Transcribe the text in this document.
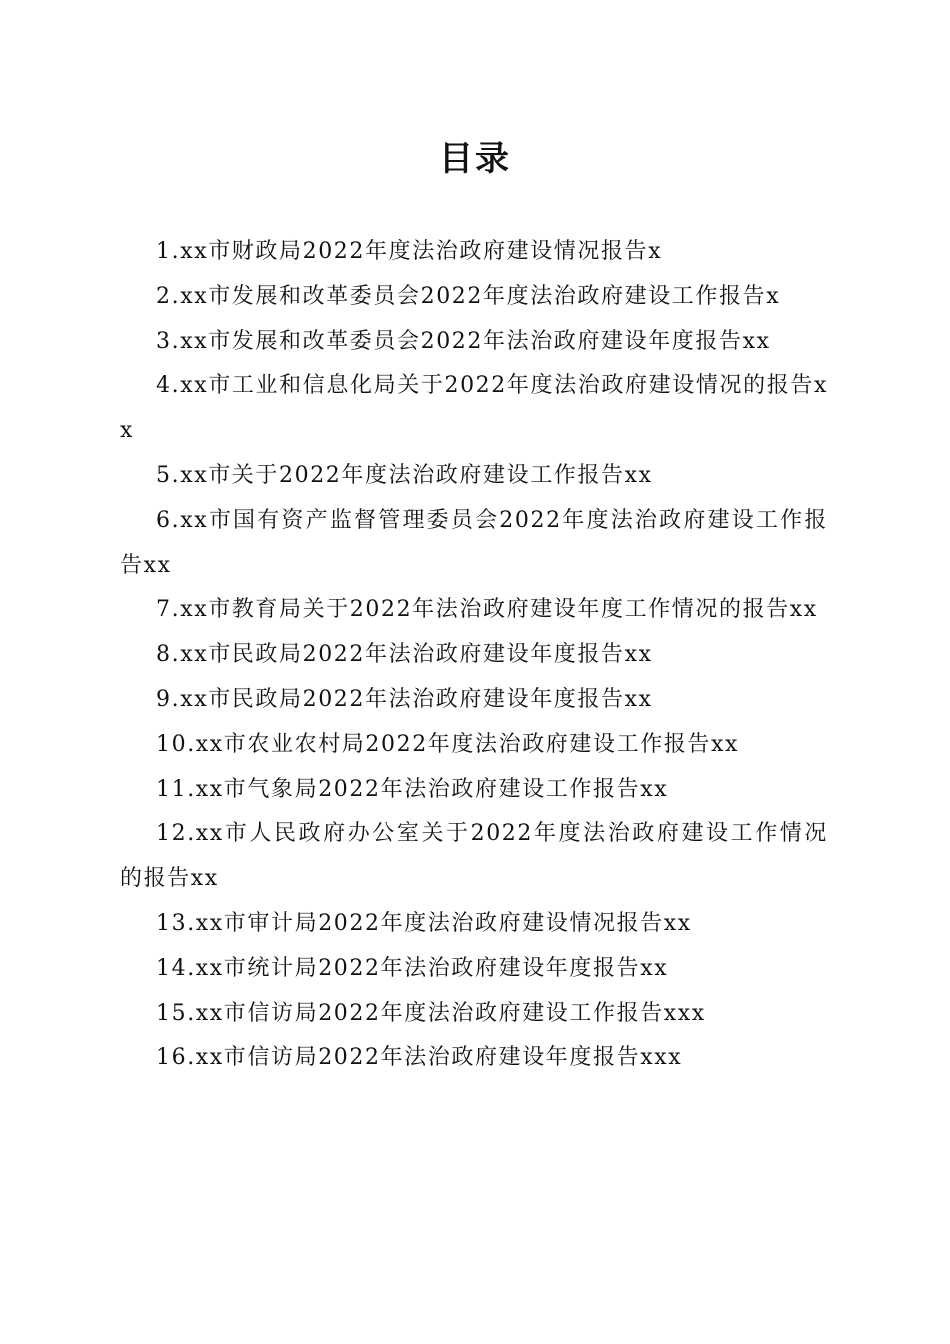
目录

1.xx市财政局2022年度法治政府建设情况报告x

2.xx市发展和改革委员会2022年度法治政府建设工作报告x

3.xx市发展和改革委员会2022年法治政府建设年度报告xx

4.xx市工业和信息化局关于2022年度法治政府建设情况的报告xx

5.xx市关于2022年度法治政府建设工作报告xx

6.xx市国有资产监督管理委员会2022年度法治政府建设工作报告xx

7.xx市教育局关于2022年法治政府建设年度工作情况的报告xx

8.xx市民政局2022年法治政府建设年度报告xx

9.xx市民政局2022年法治政府建设年度报告xx

10.xx市农业农村局2022年度法治政府建设工作报告xx

11.xx市气象局2022年法治政府建设工作报告xx

12.xx市人民政府办公室关于2022年度法治政府建设工作情况的报告xx

13.xx市审计局2022年度法治政府建设情况报告xx

14.xx市统计局2022年法治政府建设年度报告xx

15.xx市信访局2022年度法治政府建设工作报告xxx

16.xx市信访局2022年法治政府建设年度报告xxx
